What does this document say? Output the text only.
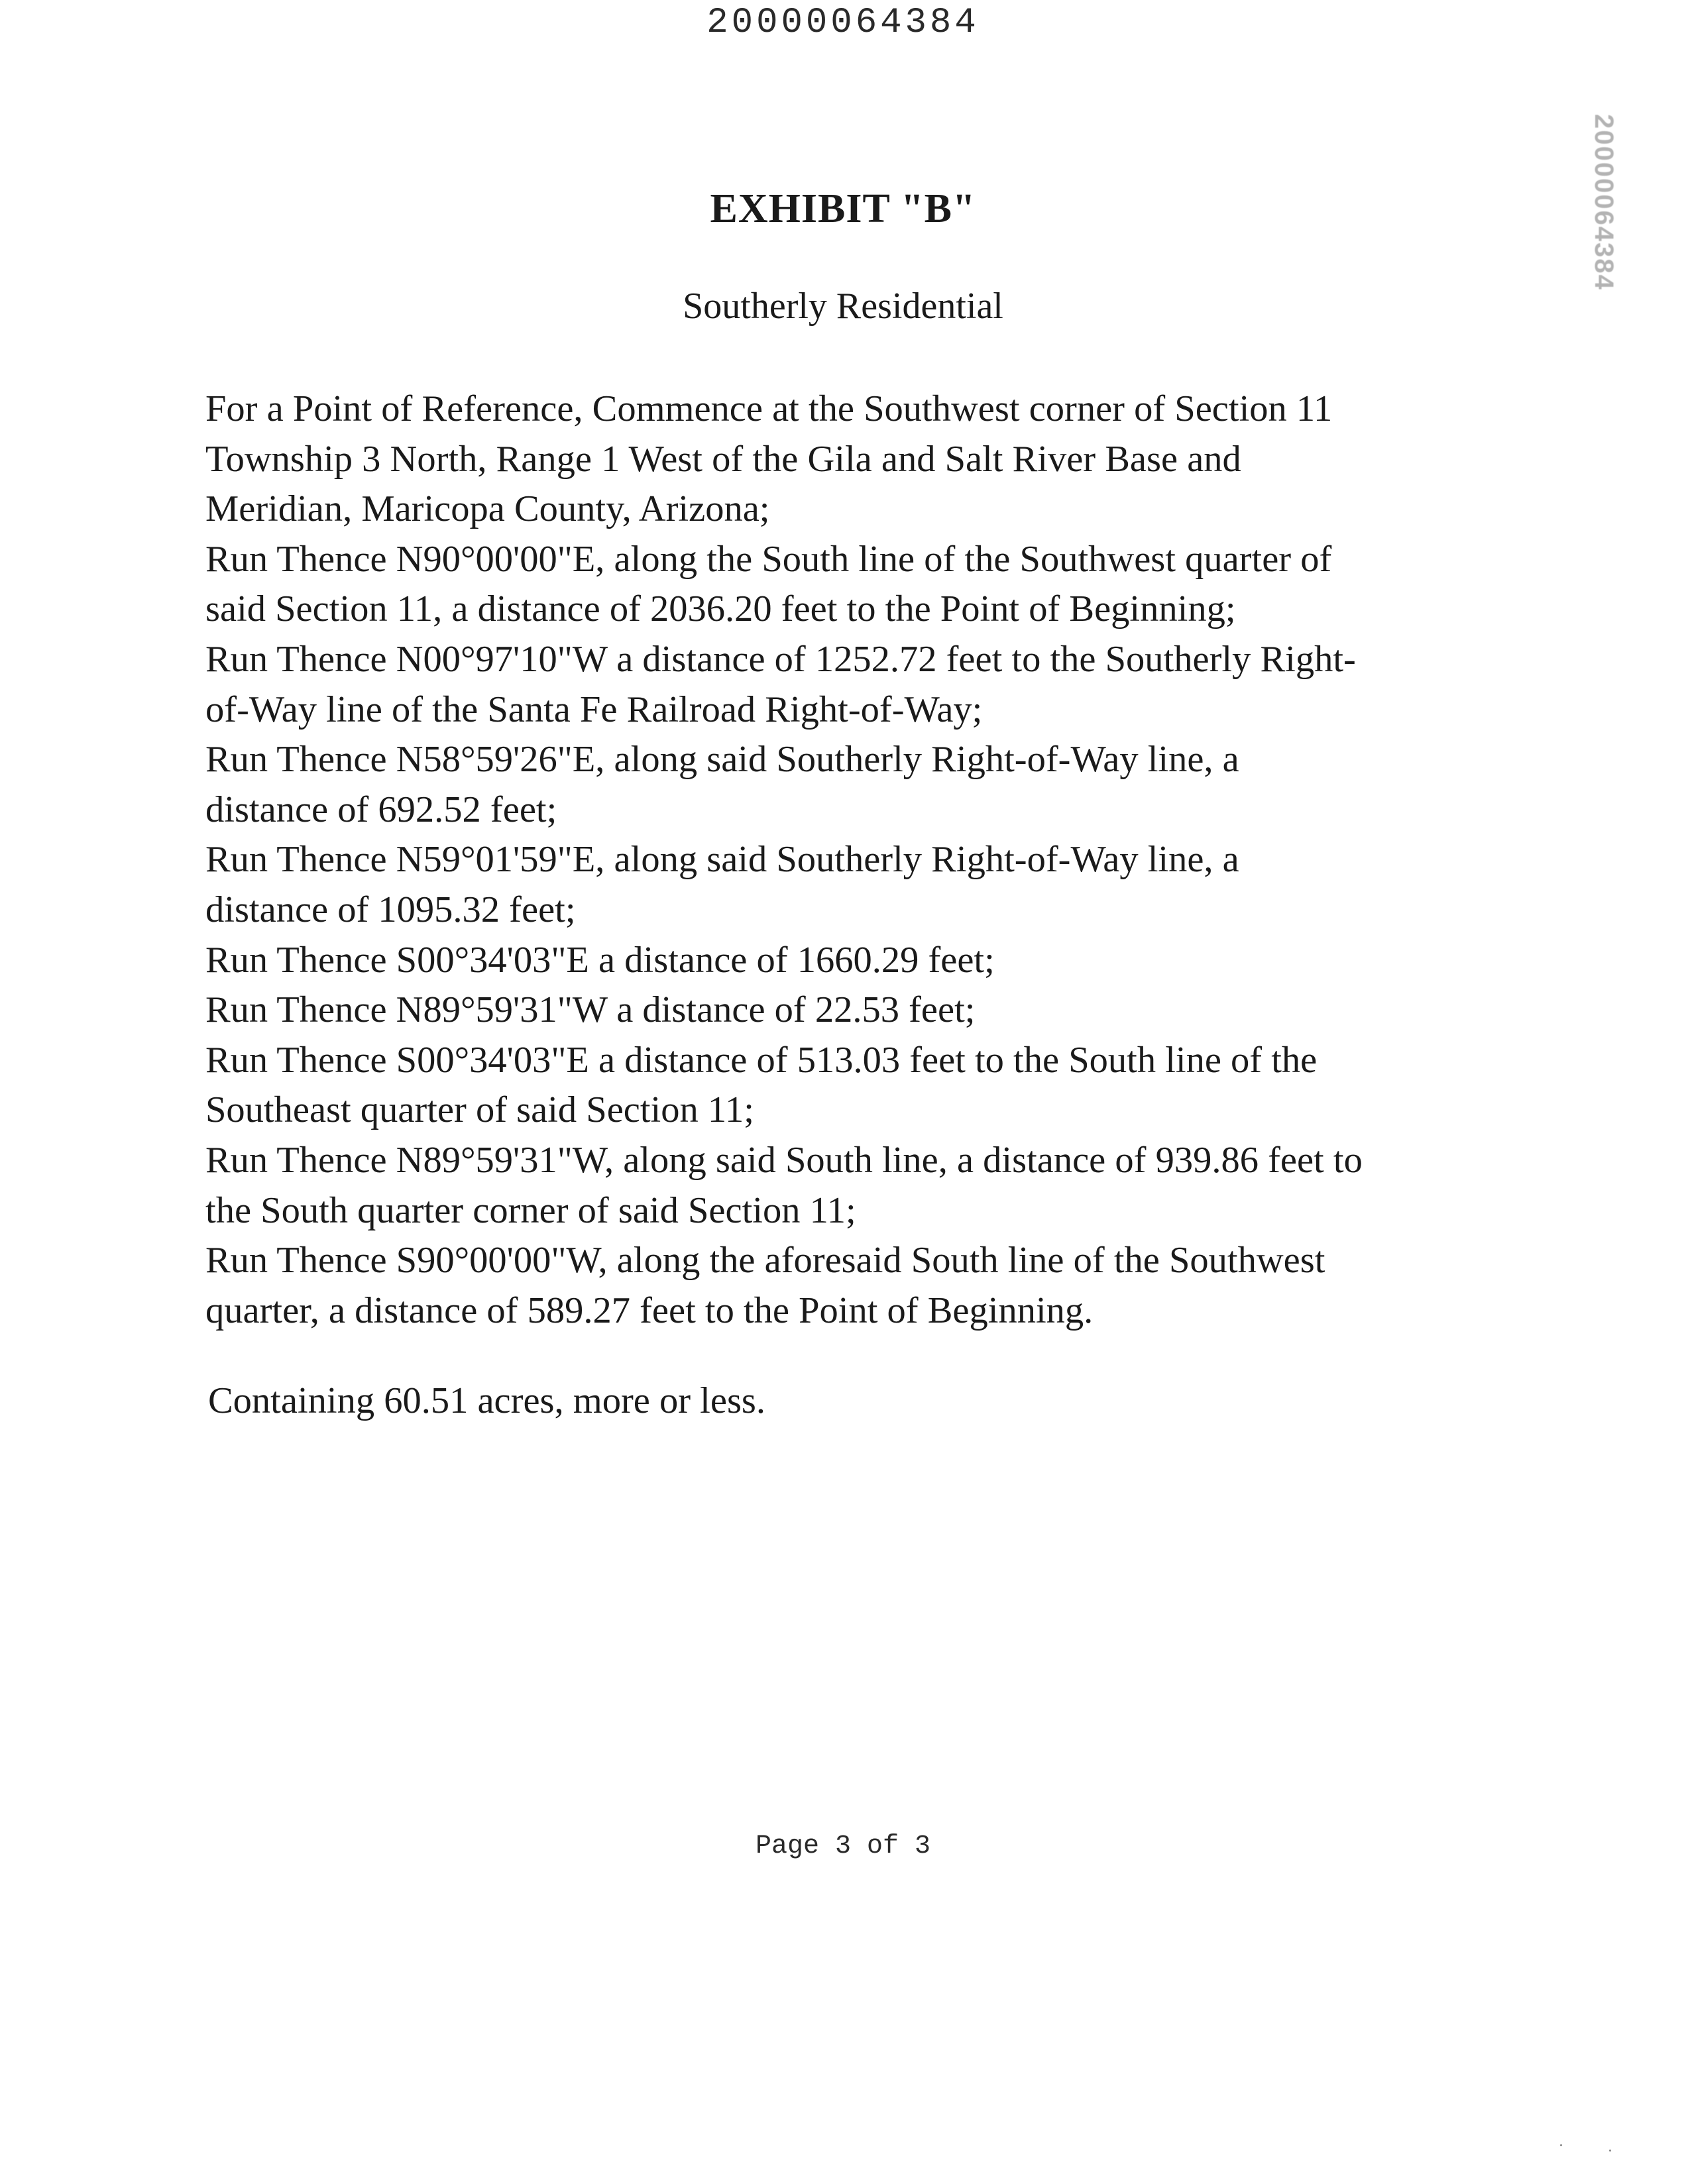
20000064384
20000064384
EXHIBIT "B"
Southerly Residential
For a Point of Reference, Commence at the Southwest corner of Section 11
Township 3 North, Range 1 West of the Gila and Salt River Base and
Meridian, Maricopa County, Arizona;
Run Thence N90°00'00"E, along the South line of the Southwest quarter of
said Section 11, a distance of 2036.20 feet to the Point of Beginning;
Run Thence N00°97'10"W a distance of 1252.72 feet to the Southerly Right-
of-Way line of the Santa Fe Railroad Right-of-Way;
Run Thence N58°59'26"E, along said Southerly Right-of-Way line, a
distance of 692.52 feet;
Run Thence N59°01'59"E, along said Southerly Right-of-Way line, a
distance of 1095.32 feet;
Run Thence S00°34'03"E a distance of 1660.29 feet;
Run Thence N89°59'31"W a distance of 22.53 feet;
Run Thence S00°34'03"E a distance of 513.03 feet to the South line of the
Southeast quarter of said Section 11;
Run Thence N89°59'31"W, along said South line, a distance of 939.86 feet to
the South quarter corner of said Section 11;
Run Thence S90°00'00"W, along the aforesaid South line of the Southwest
quarter, a distance of 589.27 feet to the Point of Beginning.
Containing 60.51 acres, more or less.
Page 3 of 3
